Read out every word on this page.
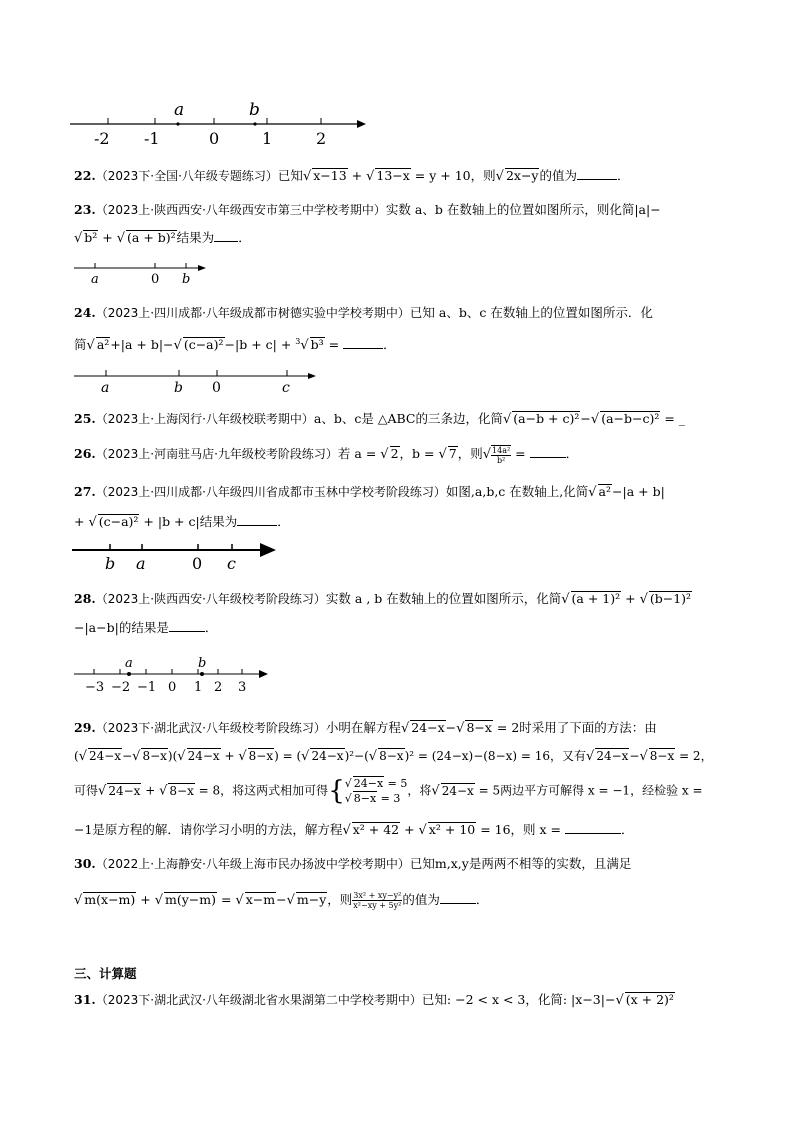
a	b
-2 -1	0	1	2
22.（2023下·全国·八年级专题练习）已知√ x−13 + √ 13−x = y + 10，则√ 2x−y的值为	．
23.（2023上·陕西西安·八年级西安市第三中学校考期中）实数 a、b 在数轴上的位置如图所示，则化简|a|−
√ b² + √ (a + b)²结果为 ．
a	0 b
24.（2023上·四川成都·八年级成都市树德实验中学校考期中）已知 a、b、c 在数轴上的位置如图所示．化
简√ a²+|a + b|−√ (c−a)²−|b + c| + $^3$√ b³ =	．
a	b 0	c
25.（2023上·上海闵行·八年级校联考期中）a、b、c是 △ABC的三条边，化简√ (a−b + c)²−√ (a−b−c)² = _
26.（2023上·河南驻马店·九年级校考阶段练习）若 a = √ 2，b = √ 7，则√ $\frac{\text{14a²}}{\text{b²}}$ =	．
27.（2023上·四川成都·八年级四川省成都市玉林中学校考阶段练习）如图,a,b,c 在数轴上,化简√ a²−|a + b|
+ √ (c−a)² + |b + c|结果为	．
b a	0 c
28.（2023上·陕西西安·八年级校考阶段练习）实数 a , b 在数轴上的位置如图所示，化简√ (a + 1)² + √ (b−1)²
−|a−b|的结果是	．
a	b
−3 −2 −1 0 1 2 3
29.（2023下·湖北武汉·八年级校考阶段练习）小明在解方程√ 24−x−√ 8−x = 2时采用了下面的方法：由
(√ 24−x−√ 8−x)(√ 24−x + √ 8−x) = (√ 24−x)²−(√ 8−x)² = (24−x)−(8−x) = 16，又有√ 24−x−√ 8−x = 2，
可得√ 24−x + √ 8−x = 8，将这两式相加可得{ √ 24−x = 5
√ 8−x = 3
，将√ 24−x = 5两边平方可解得 x = −1，经检验 x =
−1是原方程的解．请你学习小明的方法，解方程√ x² + 42 + √ x² + 10 = 16，则 x =	．
30.（2022上·上海静安·八年级上海市民办扬波中学校考期中）已知m,x,y是两两不相等的实数，且满足
√ m(x−m) + √ m(y−m) = √ x−m−√ m−y，则 $\frac{\text{3x² + xy−y²}}{\text{x²−xy + 5y²}}$ 的值为	．
三、计算题
31.（2023下·湖北武汉·八年级湖北省水果湖第二中学校考期中）已知: −2 < x < 3，化简: |x−3|−√ (x + 2)²
